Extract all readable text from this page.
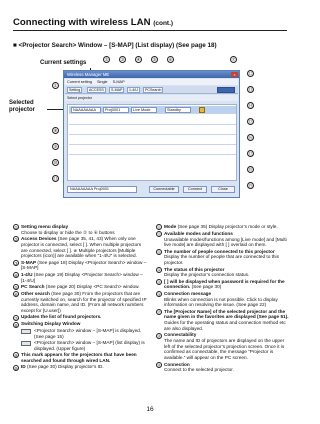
Connecting with wireless LAN (cont.)
■ <Projector Search> Window – [S-MAP] (List display) (See page 18)
Current settings
Selected projector
②	③	④	⑤	⑥	⑦
①
⑧
⑨
⑩
⑪
⑫
⑬
⑭
⑮
⑯
⑰
⑱
⑲
Wireless Manager ME	×
Current setting Single S-MAP
Setting	ACCESS	S-MAP	1-4/U	PCSearch
Select projector
NAAAAAAAA	Proj0001	Live Mode	Standby
NAAAAAAAA Proj0001	Connectable	Connect	Close
① Setting menu display
Choose to display or hide the ② to ⑥ buttons
② Access Devices (See page 35, 41, 43) When only one projector is connected, select [ ]. When multiple projectors are connected, select [ ]. ※ Multiple projectors [Multiple projectors (icon)] are available when “1-4/U” is selected.
③ S-MAP (See page 18) Display <Projector Search> window – [S-MAP]
④ 1-4/U (See page 19) Display <Projector Search> window – [1-4/U]
⑤ PC Search (See page 20) Display <PC Search> window.
⑥ Other search (See page 30) From the projectors that are currently switched on, search for the projector of specified IP address, domain name, and ID. (From all network numbers except for [U.user])
⑦ Updates the list of found projectors.
⑧ Switching Display Window
<Projector Search> window – [S-MAP] is displayed. (See page 15)
<Projector Search> window – [S-MAP] (list display) is displayed. (Upper figure)
⑨ This mark appears for the projectors that have been searched and found through wired LAN.
⑩ ID (See page 30) Display projector’s ID.
⑪ Mode (See page 35) Display projector’s mode or style.
⑫ Available modes and functions
Unavailable modes/functions among [Live mode] and [Multi live mode] are displayed with [ ] overlaid on them.
⑬ The number of people connected to this projector
Display the number of people that are connected to this projector.
⑭ The status of this projector
Display the projector’s connection status.
⑮ [ ] will be displayed when password is required for the connection. (See page 30)
⑯ Connection message
Blinks when connection is not possible. Click to display information on resolving the issue. (See page 22)
⑰ The [Projector Name] of the selected projector and the name given in the favorites are displayed (See page 51).
Guides for the operating status and connection method etc are also displayed.
⑱ Connectability
The name and ID of projectors are displayed on the upper left of the selected projector’s projection screen. Once it is confirmed as connectable, the message “Projector is available.” will appear on the PC screen.
⑲ Connection
Connect to the selected projector.
16
